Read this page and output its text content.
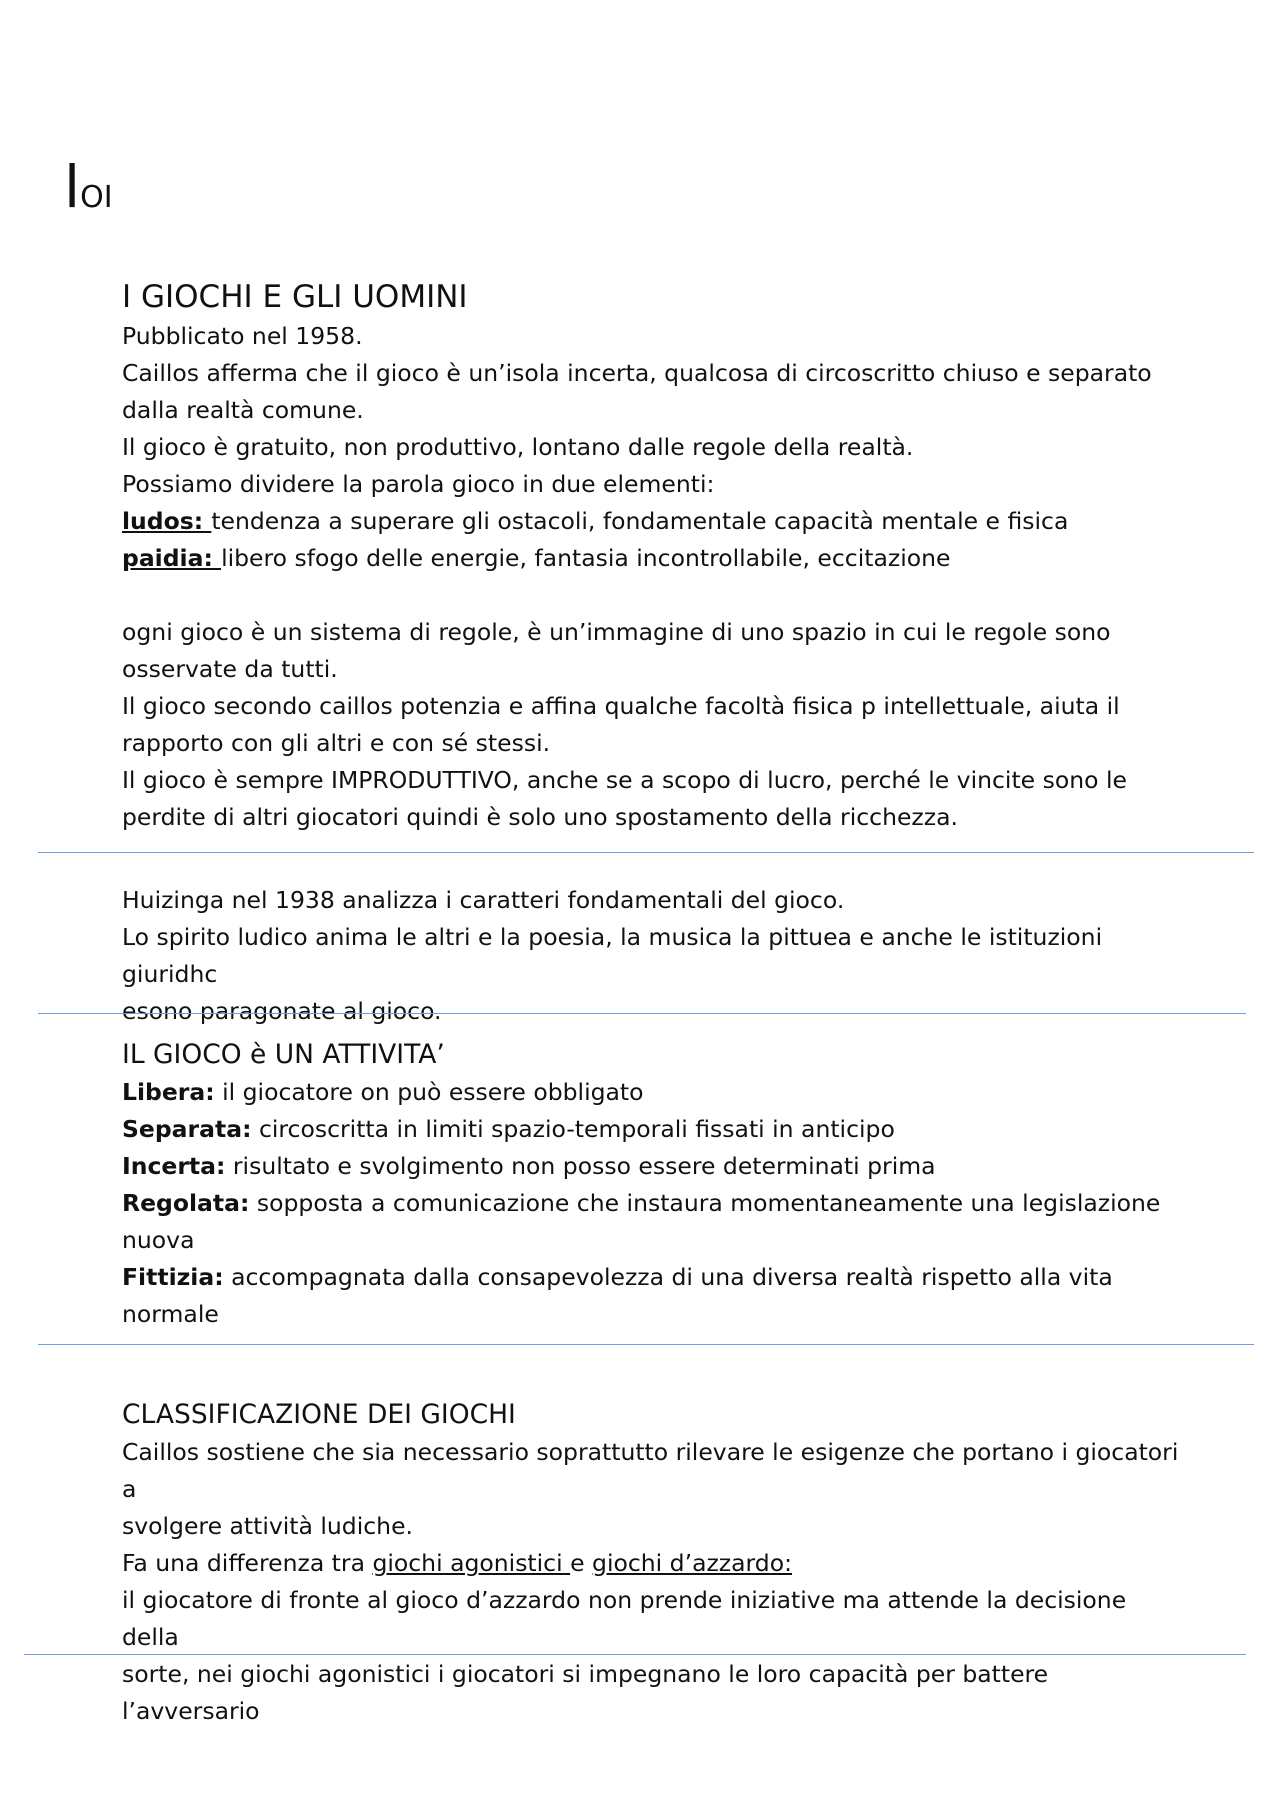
lOI
I GIOCHI E GLI UOMINI

Pubblicato nel 1958.

Caillos afferma che il gioco è un’isola incerta, qualcosa di circoscritto chiuso e separato

dalla realtà comune.

Il gioco è gratuito, non produttivo, lontano dalle regole della realtà.

Possiamo dividere la parola gioco in due elementi:

ludos: tendenza a superare gli ostacoli, fondamentale capacità mentale e fisica

paidia: libero sfogo delle energie, fantasia incontrollabile, eccitazione

ogni gioco è un sistema di regole, è un’immagine di uno spazio in cui le regole sono

osservate da tutti.

Il gioco secondo caillos potenzia e affina qualche facoltà fisica p intellettuale, aiuta il

rapporto con gli altri e con sé stessi.

Il gioco è sempre IMPRODUTTIVO, anche se a scopo di lucro, perché le vincite sono le

perdite di altri giocatori quindi è solo uno spostamento della ricchezza.

Huizinga nel 1938 analizza i caratteri fondamentali del gioco.

Lo spirito ludico anima le altri e la poesia, la musica la pittuea e anche le istituzioni giuridhc

esono paragonate al gioco.

IL GIOCO è UN ATTIVITA’

Libera: il giocatore on può essere obbligato

Separata: circoscritta in limiti spazio-temporali fissati in anticipo

Incerta: risultato e svolgimento non posso essere determinati prima

Regolata: sopposta a comunicazione che instaura momentaneamente una legislazione

nuova

Fittizia: accompagnata dalla consapevolezza di una diversa realtà rispetto alla vita normale

CLASSIFICAZIONE DEI GIOCHI

Caillos sostiene che sia necessario soprattutto rilevare le esigenze che portano i giocatori a

svolgere attività ludiche.

Fa una differenza tra giochi agonistici e giochi d’azzardo:

il giocatore di fronte al gioco d’azzardo non prende iniziative ma attende la decisione della

sorte, nei giochi agonistici i giocatori si impegnano le loro capacità per battere l’avversario
